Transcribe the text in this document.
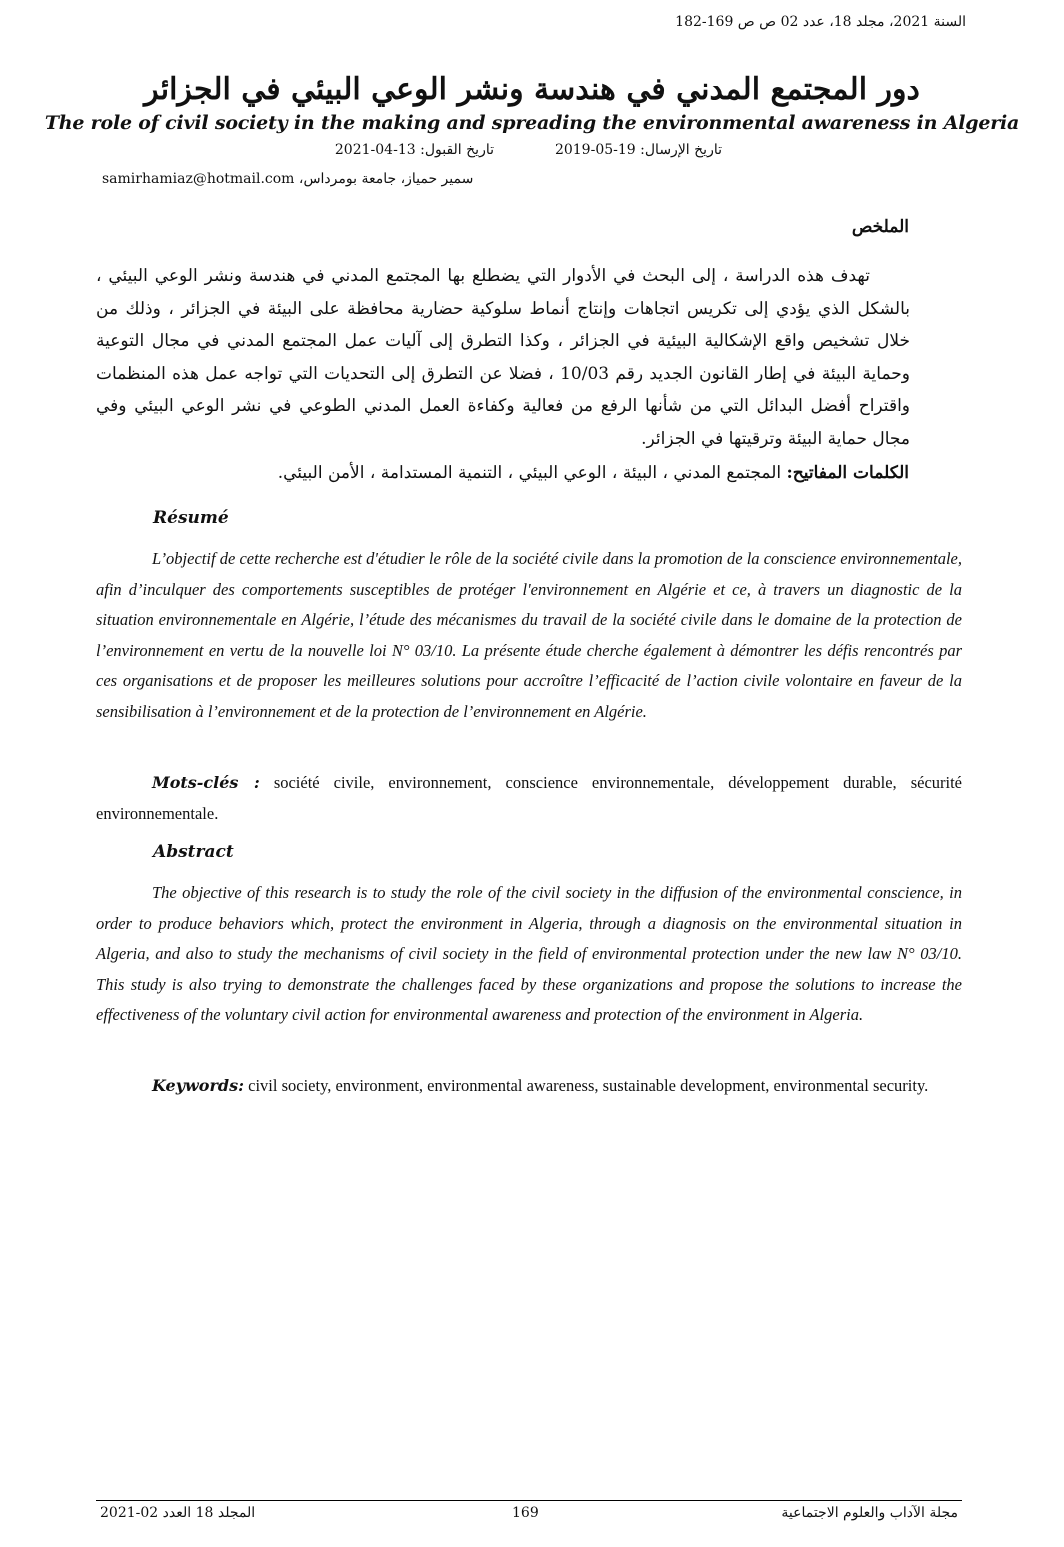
السنة 2021، مجلد 18، عدد 02 ص ص 169-182
دور المجتمع المدني في هندسة ونشر الوعي البيئي في الجزائر
The role of civil society in the making and spreading the environmental awareness in Algeria
تاريخ الإرسال: 19-05-2019
تاريخ القبول: 13-04-2021
سمير حمياز، جامعة بومرداس، samirhamiaz@hotmail.com
الملخص

تهدف هذه الدراسة ، إلى البحث في الأدوار التي يضطلع بها المجتمع المدني في هندسة ونشر الوعي البيئي ، بالشكل الذي يؤدي إلى تكريس اتجاهات وإنتاج أنماط سلوكية حضارية محافظة على البيئة في الجزائر ، وذلك من خلال تشخيص واقع الإشكالية البيئية في الجزائر ، وكذا التطرق إلى آليات عمل المجتمع المدني في مجال التوعية وحماية البيئة في إطار القانون الجديد رقم 10/03 ، فضلا عن التطرق إلى التحديات التي تواجه عمل هذه المنظمات واقتراح أفضل البدائل التي من شأنها الرفع من فعالية وكفاءة العمل المدني الطوعي في نشر الوعي البيئي وفي مجال حماية البيئة وترقيتها في الجزائر.

الكلمات المفاتيح: المجتمع المدني ، البيئة ، الوعي البيئي ، التنمية المستدامة ، الأمن البيئي.
Résumé

L’objectif de cette recherche est d'étudier le rôle de la société civile dans la promotion de la conscience environnementale, afin d’inculquer des comportements susceptibles de protéger l'environnement en Algérie et ce, à travers un diagnostic de la situation environnementale en Algérie, l’étude des mécanismes du travail de la société civile dans le domaine de la protection de l’environnement en vertu de la nouvelle loi N° 03/10. La présente étude cherche également à démontrer les défis rencontrés par ces organisations et de proposer les meilleures solutions pour accroître l’efficacité de l’action civile volontaire en faveur de la sensibilisation à l’environnement et de la protection de l’environnement en Algérie.

Mots-clés : société civile, environnement, conscience environnementale, développement durable, sécurité environnementale.

Abstract

The objective of this research is to study the role of the civil society in the diffusion of the environmental conscience, in order to produce behaviors which, protect the environment in Algeria, through a diagnosis on the environmental situation in Algeria, and also to study the mechanisms of civil society in the field of environmental protection under the new law N° 03/10. This study is also trying to demonstrate the challenges faced by these organizations and propose the solutions to increase the effectiveness of the voluntary civil action for environmental awareness and protection of the environment in Algeria.

Keywords: civil society, environment, environmental awareness, sustainable development, environmental security.

المجلد 18 العدد 02-2021	169	مجلة الآداب والعلوم الاجتماعية
